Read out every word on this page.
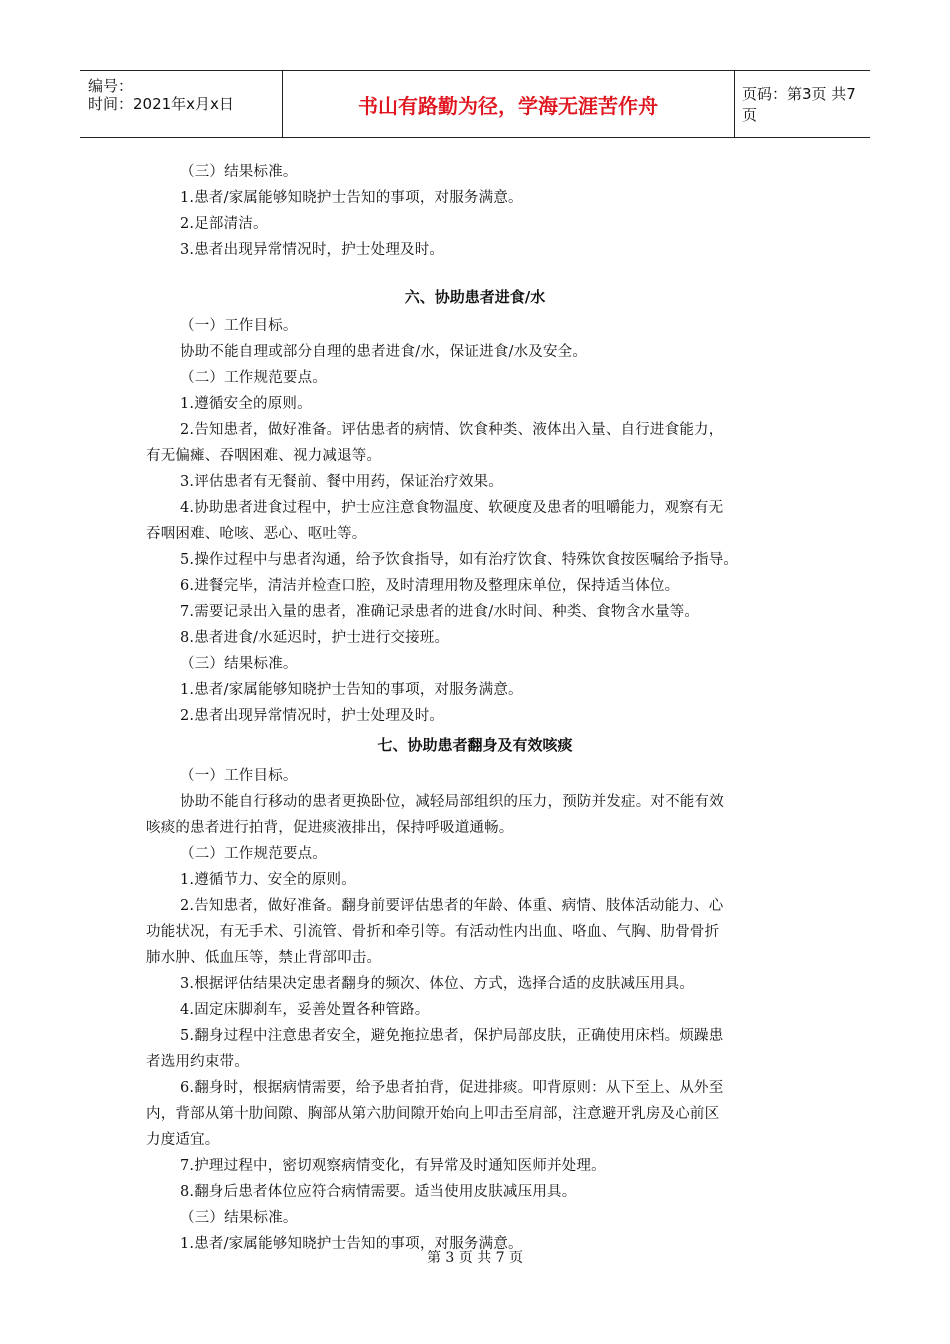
编号：
时间：2021年x月x日	书山有路勤为径，学海无涯苦作舟	页码：第3页 共7页
六、协助患者进食/水
七、协助患者翻身及有效咳痰
（三）结果标准。
1.患者/家属能够知晓护士告知的事项，对服务满意。
2.足部清洁。
3.患者出现异常情况时，护士处理及时。
（一）工作目标。
协助不能自理或部分自理的患者进食/水，保证进食/水及安全。
（二）工作规范要点。
1.遵循安全的原则。
2.告知患者，做好准备。评估患者的病情、饮食种类、液体出入量、自行进食能力，
有无偏瘫、吞咽困难、视力减退等。
3.评估患者有无餐前、餐中用药，保证治疗效果。
4.协助患者进食过程中，护士应注意食物温度、软硬度及患者的咀嚼能力，观察有无
吞咽困难、呛咳、恶心、呕吐等。
5.操作过程中与患者沟通，给予饮食指导，如有治疗饮食、特殊饮食按医嘱给予指导。
6.进餐完毕，清洁并检查口腔，及时清理用物及整理床单位，保持适当体位。
7.需要记录出入量的患者，准确记录患者的进食/水时间、种类、食物含水量等。
8.患者进食/水延迟时，护士进行交接班。
（三）结果标准。
1.患者/家属能够知晓护士告知的事项，对服务满意。
2.患者出现异常情况时，护士处理及时。
（一）工作目标。
协助不能自行移动的患者更换卧位，减轻局部组织的压力，预防并发症。对不能有效
咳痰的患者进行拍背，促进痰液排出，保持呼吸道通畅。
（二）工作规范要点。
1.遵循节力、安全的原则。
2.告知患者，做好准备。翻身前要评估患者的年龄、体重、病情、肢体活动能力、心
功能状况，有无手术、引流管、骨折和牵引等。有活动性内出血、咯血、气胸、肋骨骨折
肺水肿、低血压等，禁止背部叩击。
3.根据评估结果决定患者翻身的频次、体位、方式，选择合适的皮肤减压用具。
4.固定床脚刹车，妥善处置各种管路。
5.翻身过程中注意患者安全，避免拖拉患者，保护局部皮肤，正确使用床档。烦躁患
者选用约束带。
6.翻身时，根据病情需要，给予患者拍背，促进排痰。叩背原则：从下至上、从外至
内，背部从第十肋间隙、胸部从第六肋间隙开始向上叩击至肩部，注意避开乳房及心前区
力度适宜。
7.护理过程中，密切观察病情变化，有异常及时通知医师并处理。
8.翻身后患者体位应符合病情需要。适当使用皮肤减压用具。
（三）结果标准。
1.患者/家属能够知晓护士告知的事项，对服务满意。
第 3 页 共 7 页
